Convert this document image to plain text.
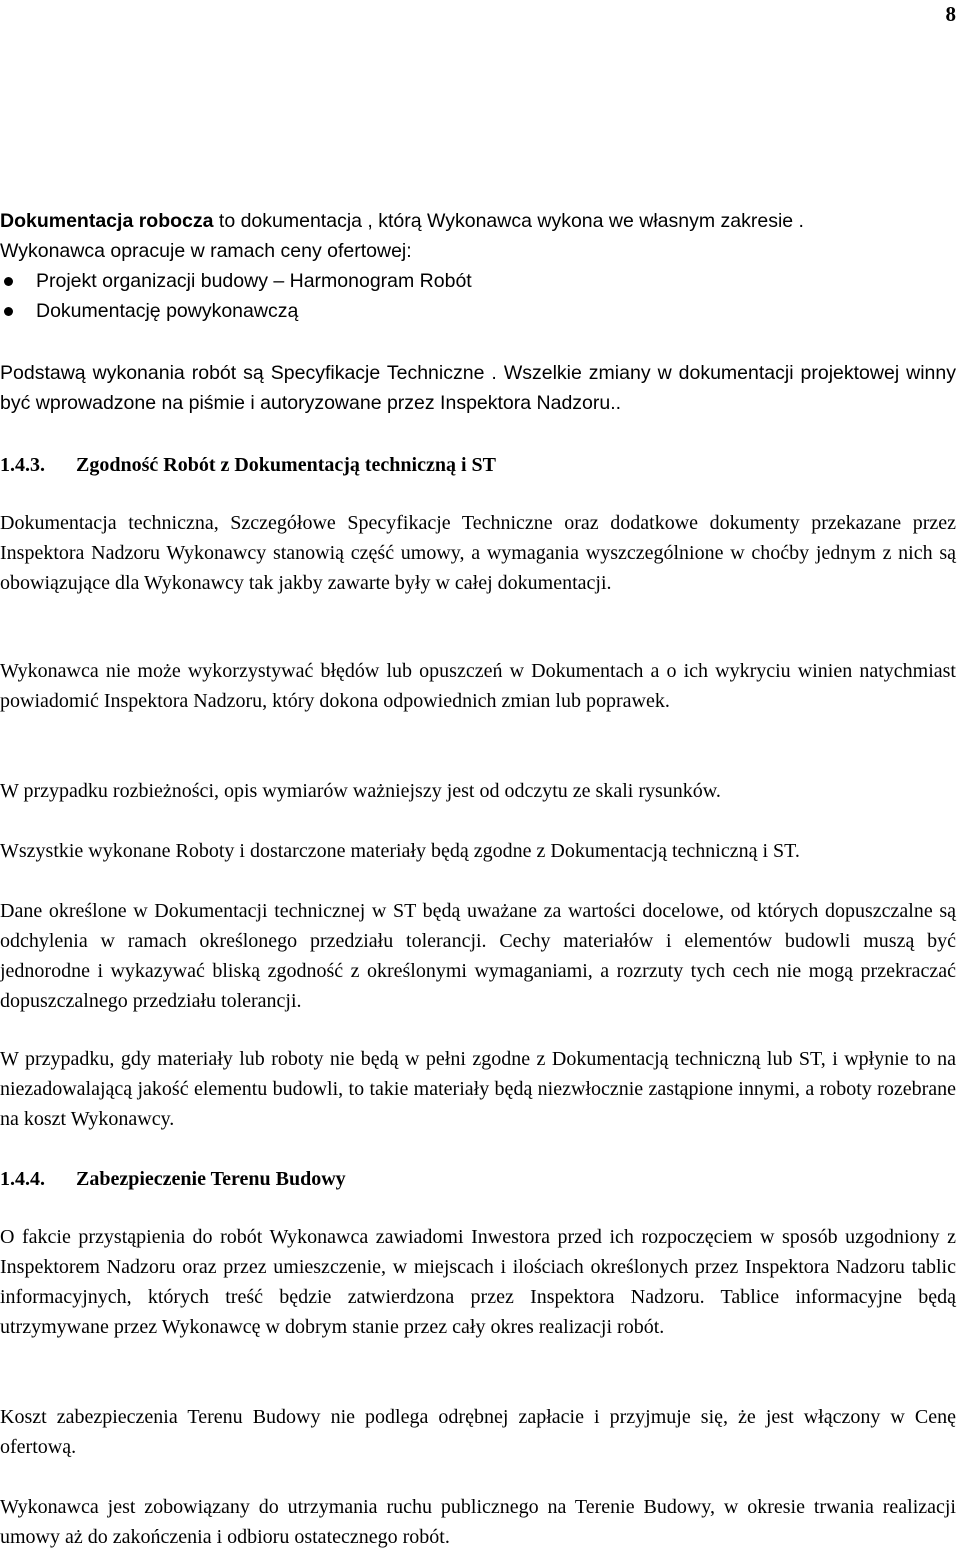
8
Dokumentacja robocza to dokumentacja , którą Wykonawca wykona we własnym zakresie .
Wykonawca opracuje w ramach ceny ofertowej:
Projekt organizacji budowy – Harmonogram Robót
Dokumentację powykonawczą
Podstawą wykonania robót są Specyfikacje Techniczne . Wszelkie zmiany w dokumentacji projektowej winny być wprowadzone na piśmie i autoryzowane przez Inspektora Nadzoru..
1.4.3. Zgodność Robót z Dokumentacją techniczną i ST

Dokumentacja techniczna, Szczegółowe Specyfikacje Techniczne oraz dodatkowe dokumenty przekazane przez Inspektora Nadzoru Wykonawcy stanowią część umowy, a wymagania wyszczególnione w choćby jednym z nich są obowiązujące dla Wykonawcy tak jakby zawarte były w całej dokumentacji.

Wykonawca nie może wykorzystywać błędów lub opuszczeń w Dokumentach a o ich wykryciu winien natychmiast powiadomić Inspektora Nadzoru, który dokona odpowiednich zmian lub poprawek.

W przypadku rozbieżności, opis wymiarów ważniejszy jest od odczytu ze skali rysunków.

Wszystkie wykonane Roboty i dostarczone materiały będą zgodne z Dokumentacją techniczną i ST.

Dane określone w Dokumentacji technicznej w ST będą uważane za wartości docelowe, od których dopuszczalne są odchylenia w ramach określonego przedziału tolerancji. Cechy materiałów i elementów budowli muszą być jednorodne i wykazywać bliską zgodność z określonymi wymaganiami, a rozrzuty tych cech nie mogą przekraczać dopuszczalnego przedziału tolerancji.

W przypadku, gdy materiały lub roboty nie będą w pełni zgodne z Dokumentacją techniczną lub ST, i wpłynie to na niezadowalającą jakość elementu budowli, to takie materiały będą niezwłocznie zastąpione innymi, a roboty rozebrane na koszt Wykonawcy.

1.4.4. Zabezpieczenie Terenu Budowy

O fakcie przystąpienia do robót Wykonawca zawiadomi Inwestora przed ich rozpoczęciem w sposób uzgodniony z Inspektorem Nadzoru oraz przez umieszczenie, w miejscach i ilościach określonych przez Inspektora Nadzoru tablic informacyjnych, których treść będzie zatwierdzona przez Inspektora Nadzoru. Tablice informacyjne będą utrzymywane przez Wykonawcę w dobrym stanie przez cały okres realizacji robót.

Koszt zabezpieczenia Terenu Budowy nie podlega odrębnej zapłacie i przyjmuje się, że jest włączony w Cenę ofertową.

Wykonawca jest zobowiązany do utrzymania ruchu publicznego na Terenie Budowy, w okresie trwania realizacji umowy aż do zakończenia i odbioru ostatecznego robót.
